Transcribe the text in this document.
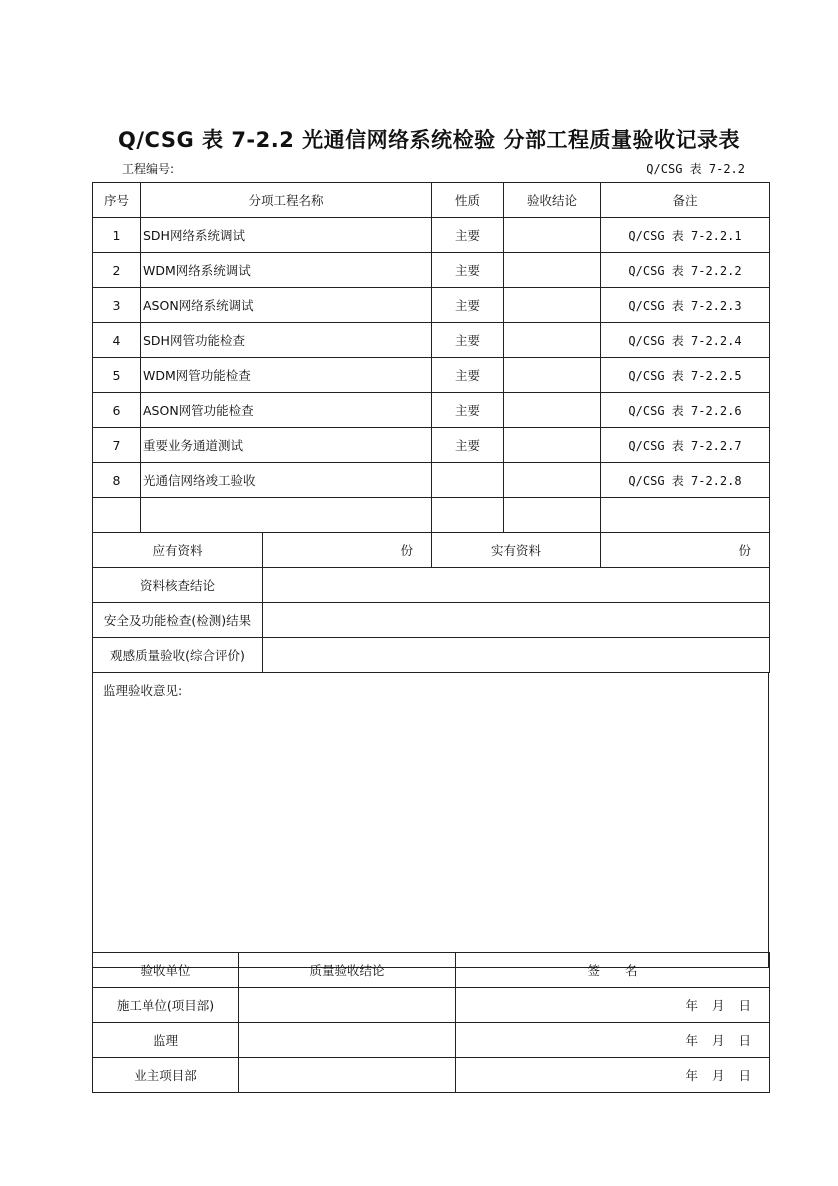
Q/CSG 表 7-2.2 光通信网络系统检验 分部工程质量验收记录表
工程编号:	Q/CSG 表 7-2.2
序号	分项工程名称	性质	验收结论	备注
1	SDH网络系统调试	主要		Q/CSG 表 7-2.2.1
2	WDM网络系统调试	主要		Q/CSG 表 7-2.2.2
3	ASON网络系统调试	主要		Q/CSG 表 7-2.2.3
4	SDH网管功能检查	主要		Q/CSG 表 7-2.2.4
5	WDM网管功能检查	主要		Q/CSG 表 7-2.2.5
6	ASON网管功能检查	主要		Q/CSG 表 7-2.2.6
7	重要业务通道测试	主要		Q/CSG 表 7-2.2.7
8	光通信网络竣工验收			Q/CSG 表 7-2.2.8

应有资料	份	实有资料	份
资料核查结论			
安全及功能检查(检测)结果			
观感质量验收(综合评价)			
监理验收意见:
验收单位	质量验收结论	签　　名
施工单位(项目部)		年 月 日
监理		年 月 日
业主项目部		年 月 日
